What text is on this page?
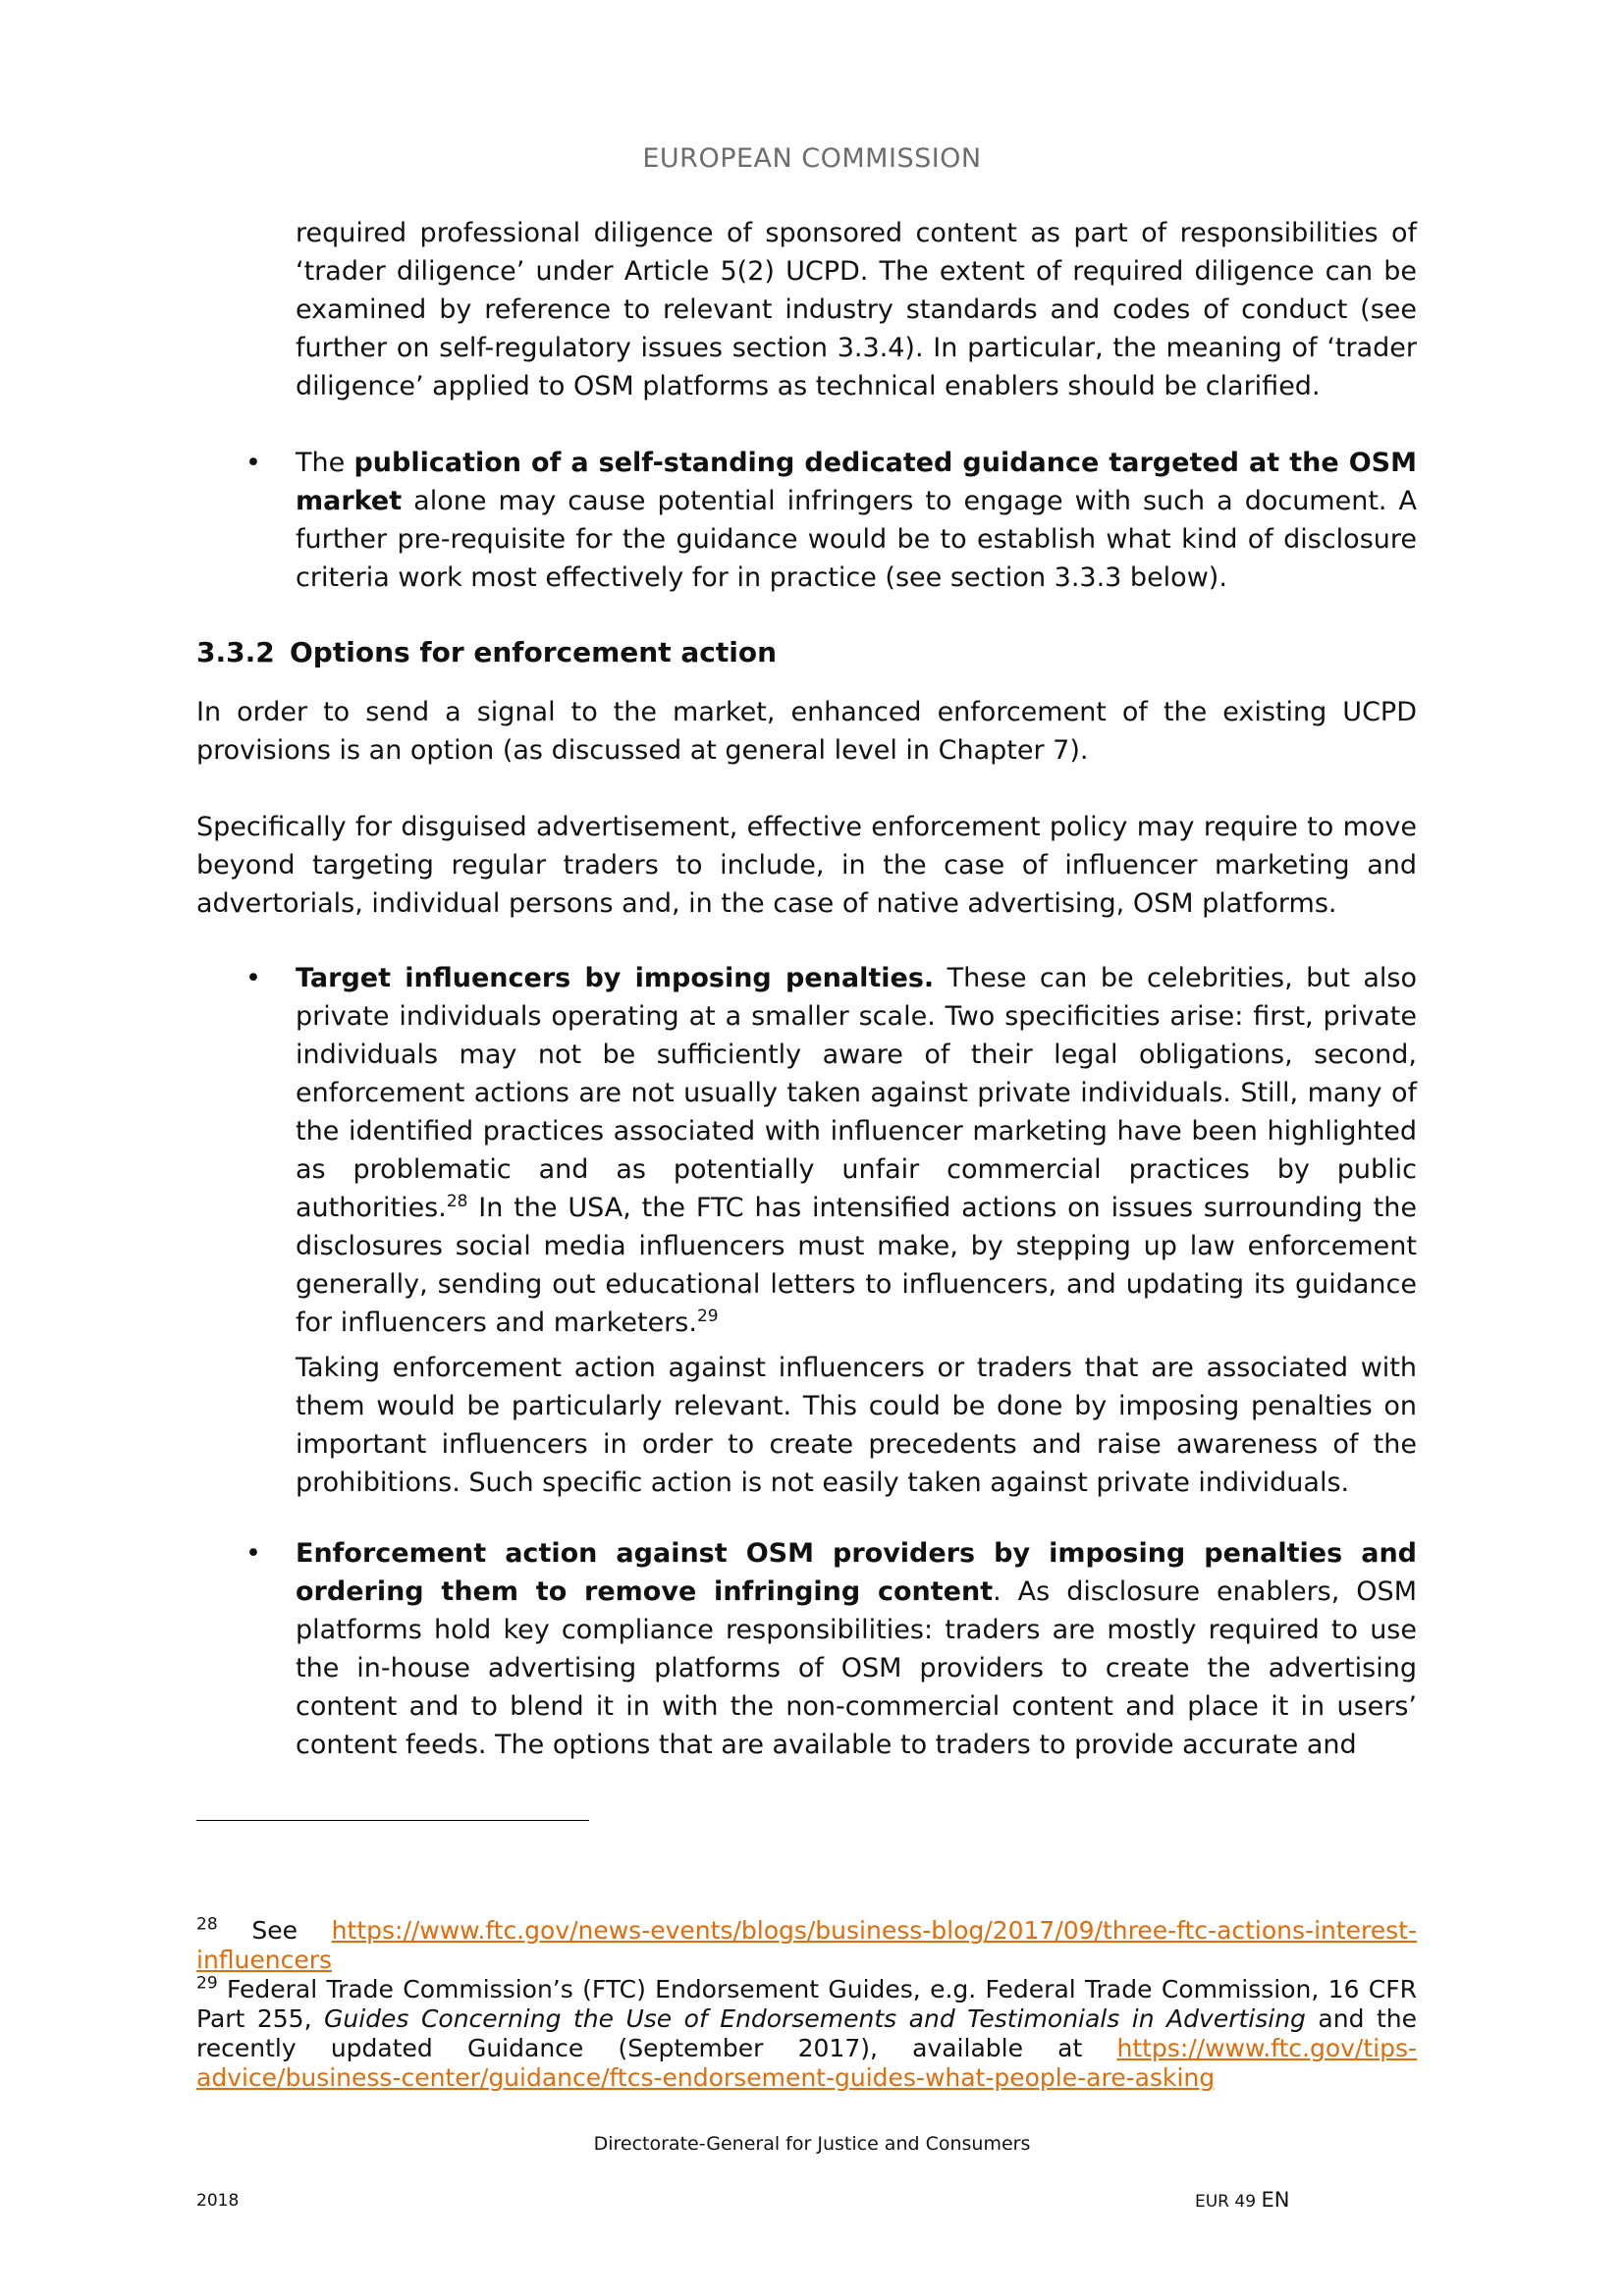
EUROPEAN COMMISSION

required professional diligence of sponsored content as part of responsibilities of ‘trader diligence’ under Article 5(2) UCPD. The extent of required diligence can be examined by reference to relevant industry standards and codes of conduct (see further on self-regulatory issues section 3.3.4). In particular, the meaning of ‘trader diligence’ applied to OSM platforms as technical enablers should be clarified.

• The publication of a self-standing dedicated guidance targeted at the OSM market alone may cause potential infringers to engage with such a document. A further pre-requisite for the guidance would be to establish what kind of disclosure criteria work most effectively for in practice (see section 3.3.3 below).

3.3.2 Options for enforcement action

In order to send a signal to the market, enhanced enforcement of the existing UCPD provisions is an option (as discussed at general level in Chapter 7).

Specifically for disguised advertisement, effective enforcement policy may require to move beyond targeting regular traders to include, in the case of influencer marketing and advertorials, individual persons and, in the case of native advertising, OSM platforms.

• Target influencers by imposing penalties. These can be celebrities, but also private individuals operating at a smaller scale. Two specificities arise: first, private individuals may not be sufficiently aware of their legal obligations, second, enforcement actions are not usually taken against private individuals. Still, many of the identified practices associated with influencer marketing have been highlighted as problematic and as potentially unfair commercial practices by public authorities.$^{28}$ In the USA, the FTC has intensified actions on issues surrounding the disclosures social media influencers must make, by stepping up law enforcement generally, sending out educational letters to influencers, and updating its guidance for influencers and marketers.$^{29}$

Taking enforcement action against influencers or traders that are associated with them would be particularly relevant. This could be done by imposing penalties on important influencers in order to create precedents and raise awareness of the prohibitions. Such specific action is not easily taken against private individuals.

• Enforcement action against OSM providers by imposing penalties and ordering them to remove infringing content. As disclosure enablers, OSM platforms hold key compliance responsibilities: traders are mostly required to use the in-house advertising platforms of OSM providers to create the advertising content and to blend it in with the non-commercial content and place it in users’ content feeds. The options that are available to traders to provide accurate and

$^{28}$ See https://www.ftc.gov/news-events/blogs/business-blog/2017/09/three-ftc-actions-interest-influencers

$^{29}$ Federal Trade Commission’s (FTC) Endorsement Guides, e.g. Federal Trade Commission, 16 CFR Part 255, Guides Concerning the Use of Endorsements and Testimonials in Advertising and the recently updated Guidance (September 2017), available at https://www.ftc.gov/tips-advice/business-center/guidance/ftcs-endorsement-guides-what-people-are-asking

Directorate-General for Justice and Consumers
2018	EUR 49 EN
